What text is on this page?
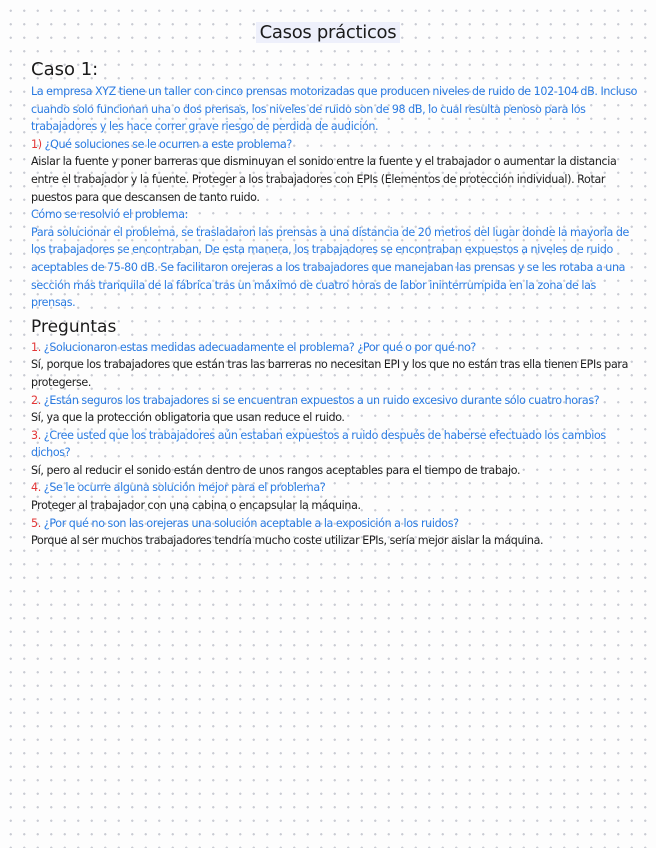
Casos prácticos
Caso 1:

La empresa XYZ tiene un taller con cinco prensas motorizadas que producen niveles de ruido de 102-104 dB. Incluso cuando solo funcionan una o dos prensas, los niveles de ruido son de 98 dB, lo cual resulta penoso para los trabajadores y les hace correr grave riesgo de perdida de audición.

1) ¿Qué soluciones se le ocurren a este problema?

Aislar la fuente y poner barreras que disminuyan el sonido entre la fuente y el trabajador o aumentar la distancia entre el trabajador y la fuente. Proteger a los trabajadores con EPIs (Elementos de protección individual). Rotar puestos para que descansen de tanto ruido.

Cómo se resolvió el problema:

Para solucionar el problema, se trasladaron las prensas a una distancia de 20 metros del lugar donde la mayoría de los trabajadores se encontraban. De esta manera, los trabajadores se encontraban expuestos a niveles de ruido aceptables de 75-80 dB. Se facilitaron orejeras a los trabajadores que manejaban las prensas y se les rotaba a una sección más tranquila de la fábrica tras un máximo de cuatro horas de labor ininterrumpida en la zona de las prensas.

Preguntas

1. ¿Solucionaron estas medidas adecuadamente el problema? ¿Por qué o por qué no?

Sí, porque los trabajadores que están tras las barreras no necesitan EPI y los que no están tras ella tienen EPIs para protegerse.

2. ¿Están seguros los trabajadores si se encuentran expuestos a un ruido excesivo durante sólo cuatro horas?

Sí, ya que la protección obligatoria que usan reduce el ruido.

3. ¿Cree usted que los trabajadores aún estaban expuestos a ruido después de haberse efectuado los cambios dichos?

Sí, pero al reducir el sonido están dentro de unos rangos aceptables para el tiempo de trabajo.

4. ¿Se le ocurre alguna solución mejor para el problema?

Proteger al trabajador con una cabina o encapsular la máquina.

5. ¿Por qué no son las orejeras una solución aceptable a la exposición a los ruidos?

Porque al ser muchos trabajadores tendría mucho coste utilizar EPIs, sería mejor aislar la máquina.
